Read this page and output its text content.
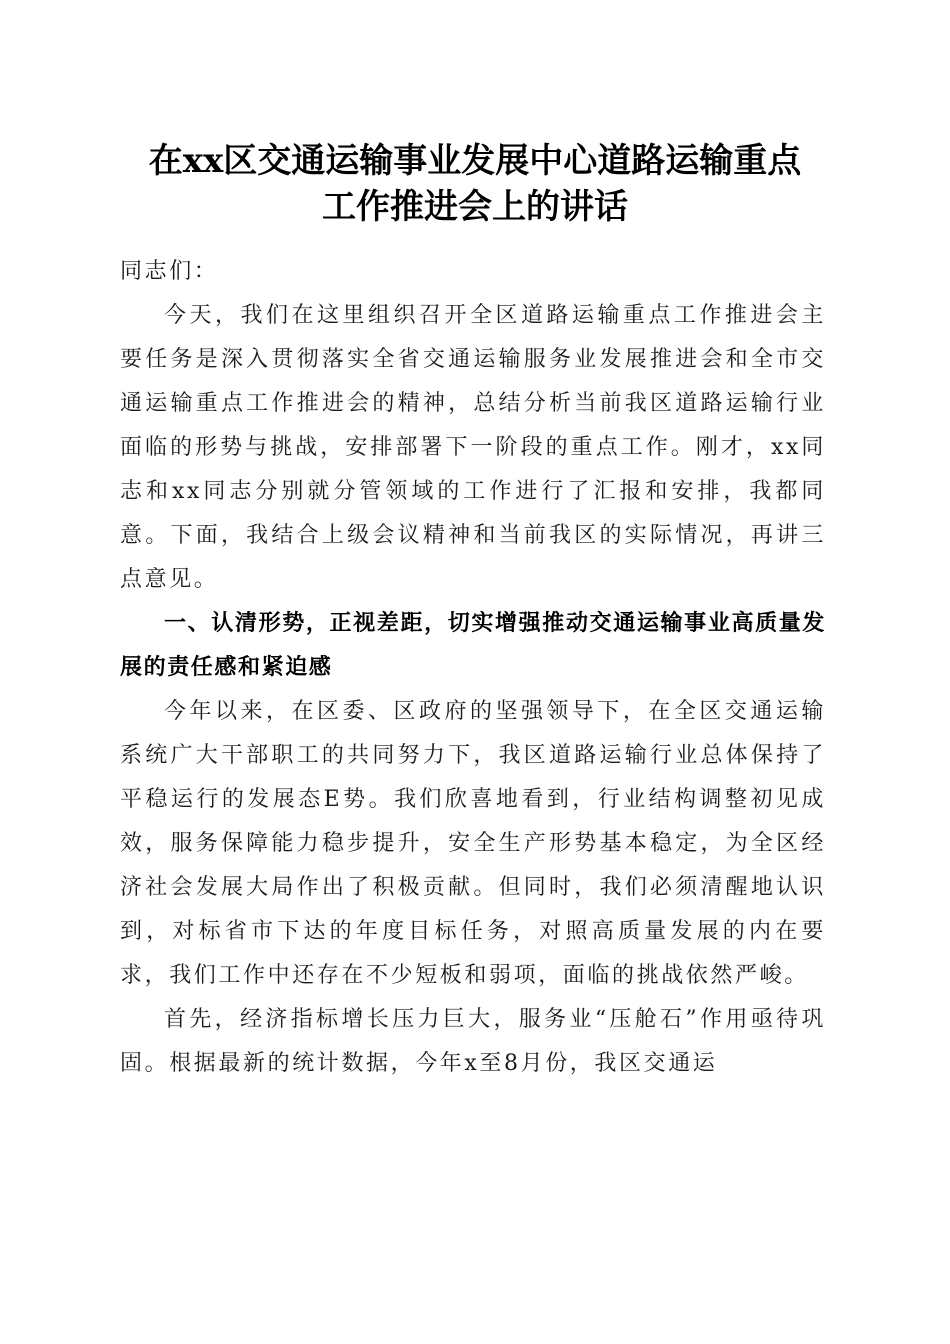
在xx区交通运输事业发展中心道路运输重点
工作推进会上的讲话

同志们：

今天，我们在这里组织召开全区道路运输重点工作推进会主要任务是深入贯彻落实全省交通运输服务业发展推进会和全市交通运输重点工作推进会的精神，总结分析当前我区道路运输行业面临的形势与挑战，安排部署下一阶段的重点工作。刚才，xx同志和xx同志分别就分管领域的工作进行了汇报和安排，我都同意。下面，我结合上级会议精神和当前我区的实际情况，再讲三点意见。

一、认清形势，正视差距，切实增强推动交通运输事业高质量发展的责任感和紧迫感

今年以来，在区委、区政府的坚强领导下，在全区交通运输系统广大干部职工的共同努力下，我区道路运输行业总体保持了平稳运行的发展态E势。我们欣喜地看到，行业结构调整初见成效，服务保障能力稳步提升，安全生产形势基本稳定，为全区经济社会发展大局作出了积极贡献。但同时，我们必须清醒地认识到，对标省市下达的年度目标任务，对照高质量发展的内在要求，我们工作中还存在不少短板和弱项，面临的挑战依然严峻。

首先，经济指标增长压力巨大，服务业“压舱石”作用亟待巩固。根据最新的统计数据，今年x至8月份，我区交通运
